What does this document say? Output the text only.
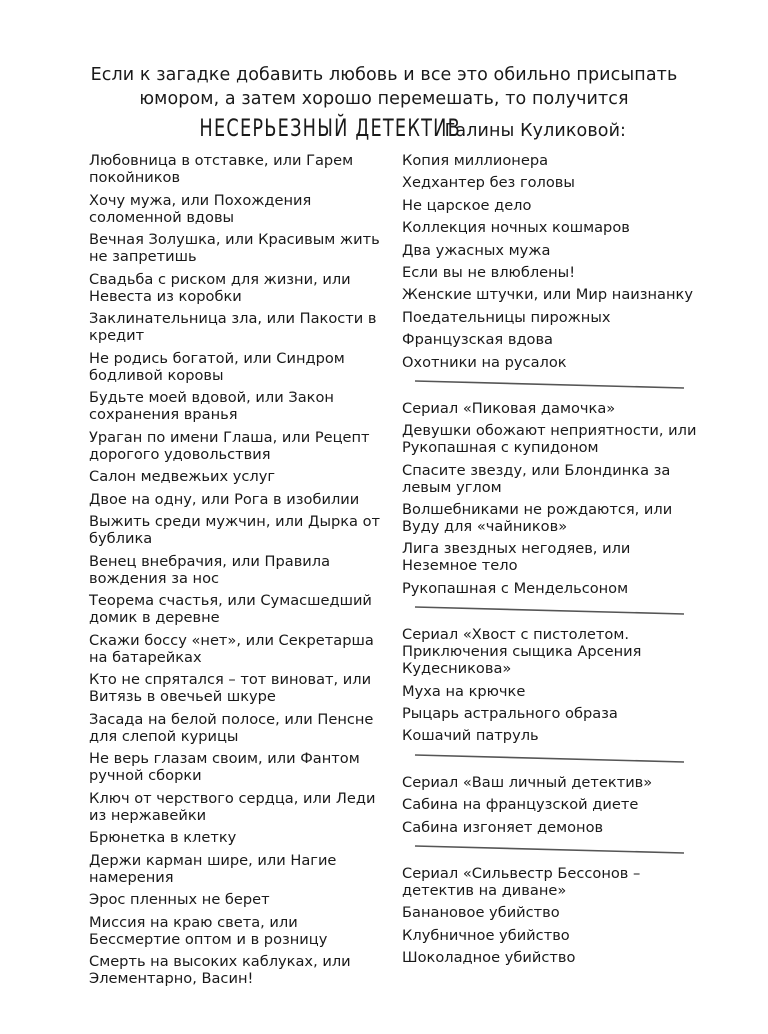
Если к загадке добавить любовь и все это обильно присыпать
юмором, а затем хорошо перемешать, то получится
НЕСЕРЬЕЗНЫЙ ДЕТЕКТИВ Галины Куликовой:
Любовница в отставке, или Гарем покойников
Хочу мужа, или Похождения соломенной вдовы
Вечная Золушка, или Красивым жить не запретишь
Свадьба с риском для жизни, или Невеста из коробки
Заклинательница зла, или Пакости в кредит
Не родись богатой, или Синдром бодливой коровы
Будьте моей вдовой, или Закон сохранения вранья
Ураган по имени Глаша, или Рецепт дорогого удовольствия
Салон медвежьих услуг
Двое на одну, или Рога в изобилии
Выжить среди мужчин, или Дырка от бублика
Венец внебрачия, или Правила вождения за нос
Теорема счастья, или Сумасшедший домик в деревне
Скажи боссу «нет», или Секретарша на батарейках
Кто не спрятался – тот виноват, или Витязь в овечьей шкуре
Засада на белой полосе, или Пенсне для слепой курицы
Не верь глазам своим, или Фантом ручной сборки
Ключ от черствого сердца, или Леди из нержавейки
Брюнетка в клетку
Держи карман шире, или Нагие намерения
Эрос пленных не берет
Миссия на краю света, или Бессмертие оптом и в розницу
Смерть на высоких каблуках, или Элементарно, Васин!
Копия миллионера
Хедхантер без головы
Не царское дело
Коллекция ночных кошмаров
Два ужасных мужа
Если вы не влюблены!
Женские штучки, или Мир наизнанку
Поедательницы пирожных
Французская вдова
Охотники на русалок
Сериал «Пиковая дамочка»
Девушки обожают неприятности, или Рукопашная с купидоном
Спасите звезду, или Блондинка за левым углом
Волшебниками не рождаются, или Вуду для «чайников»
Лига звездных негодяев, или Неземное тело
Рукопашная с Мендельсоном
Сериал «Хвост с пистолетом. Приключения сыщика Арсения Кудесникова»
Муха на крючке
Рыцарь астрального образа
Кошачий патруль
Сериал «Ваш личный детектив»
Сабина на французской диете
Сабина изгоняет демонов
Сериал «Сильвестр Бессонов – детектив на диване»
Банановое убийство
Клубничное убийство
Шоколадное убийство
